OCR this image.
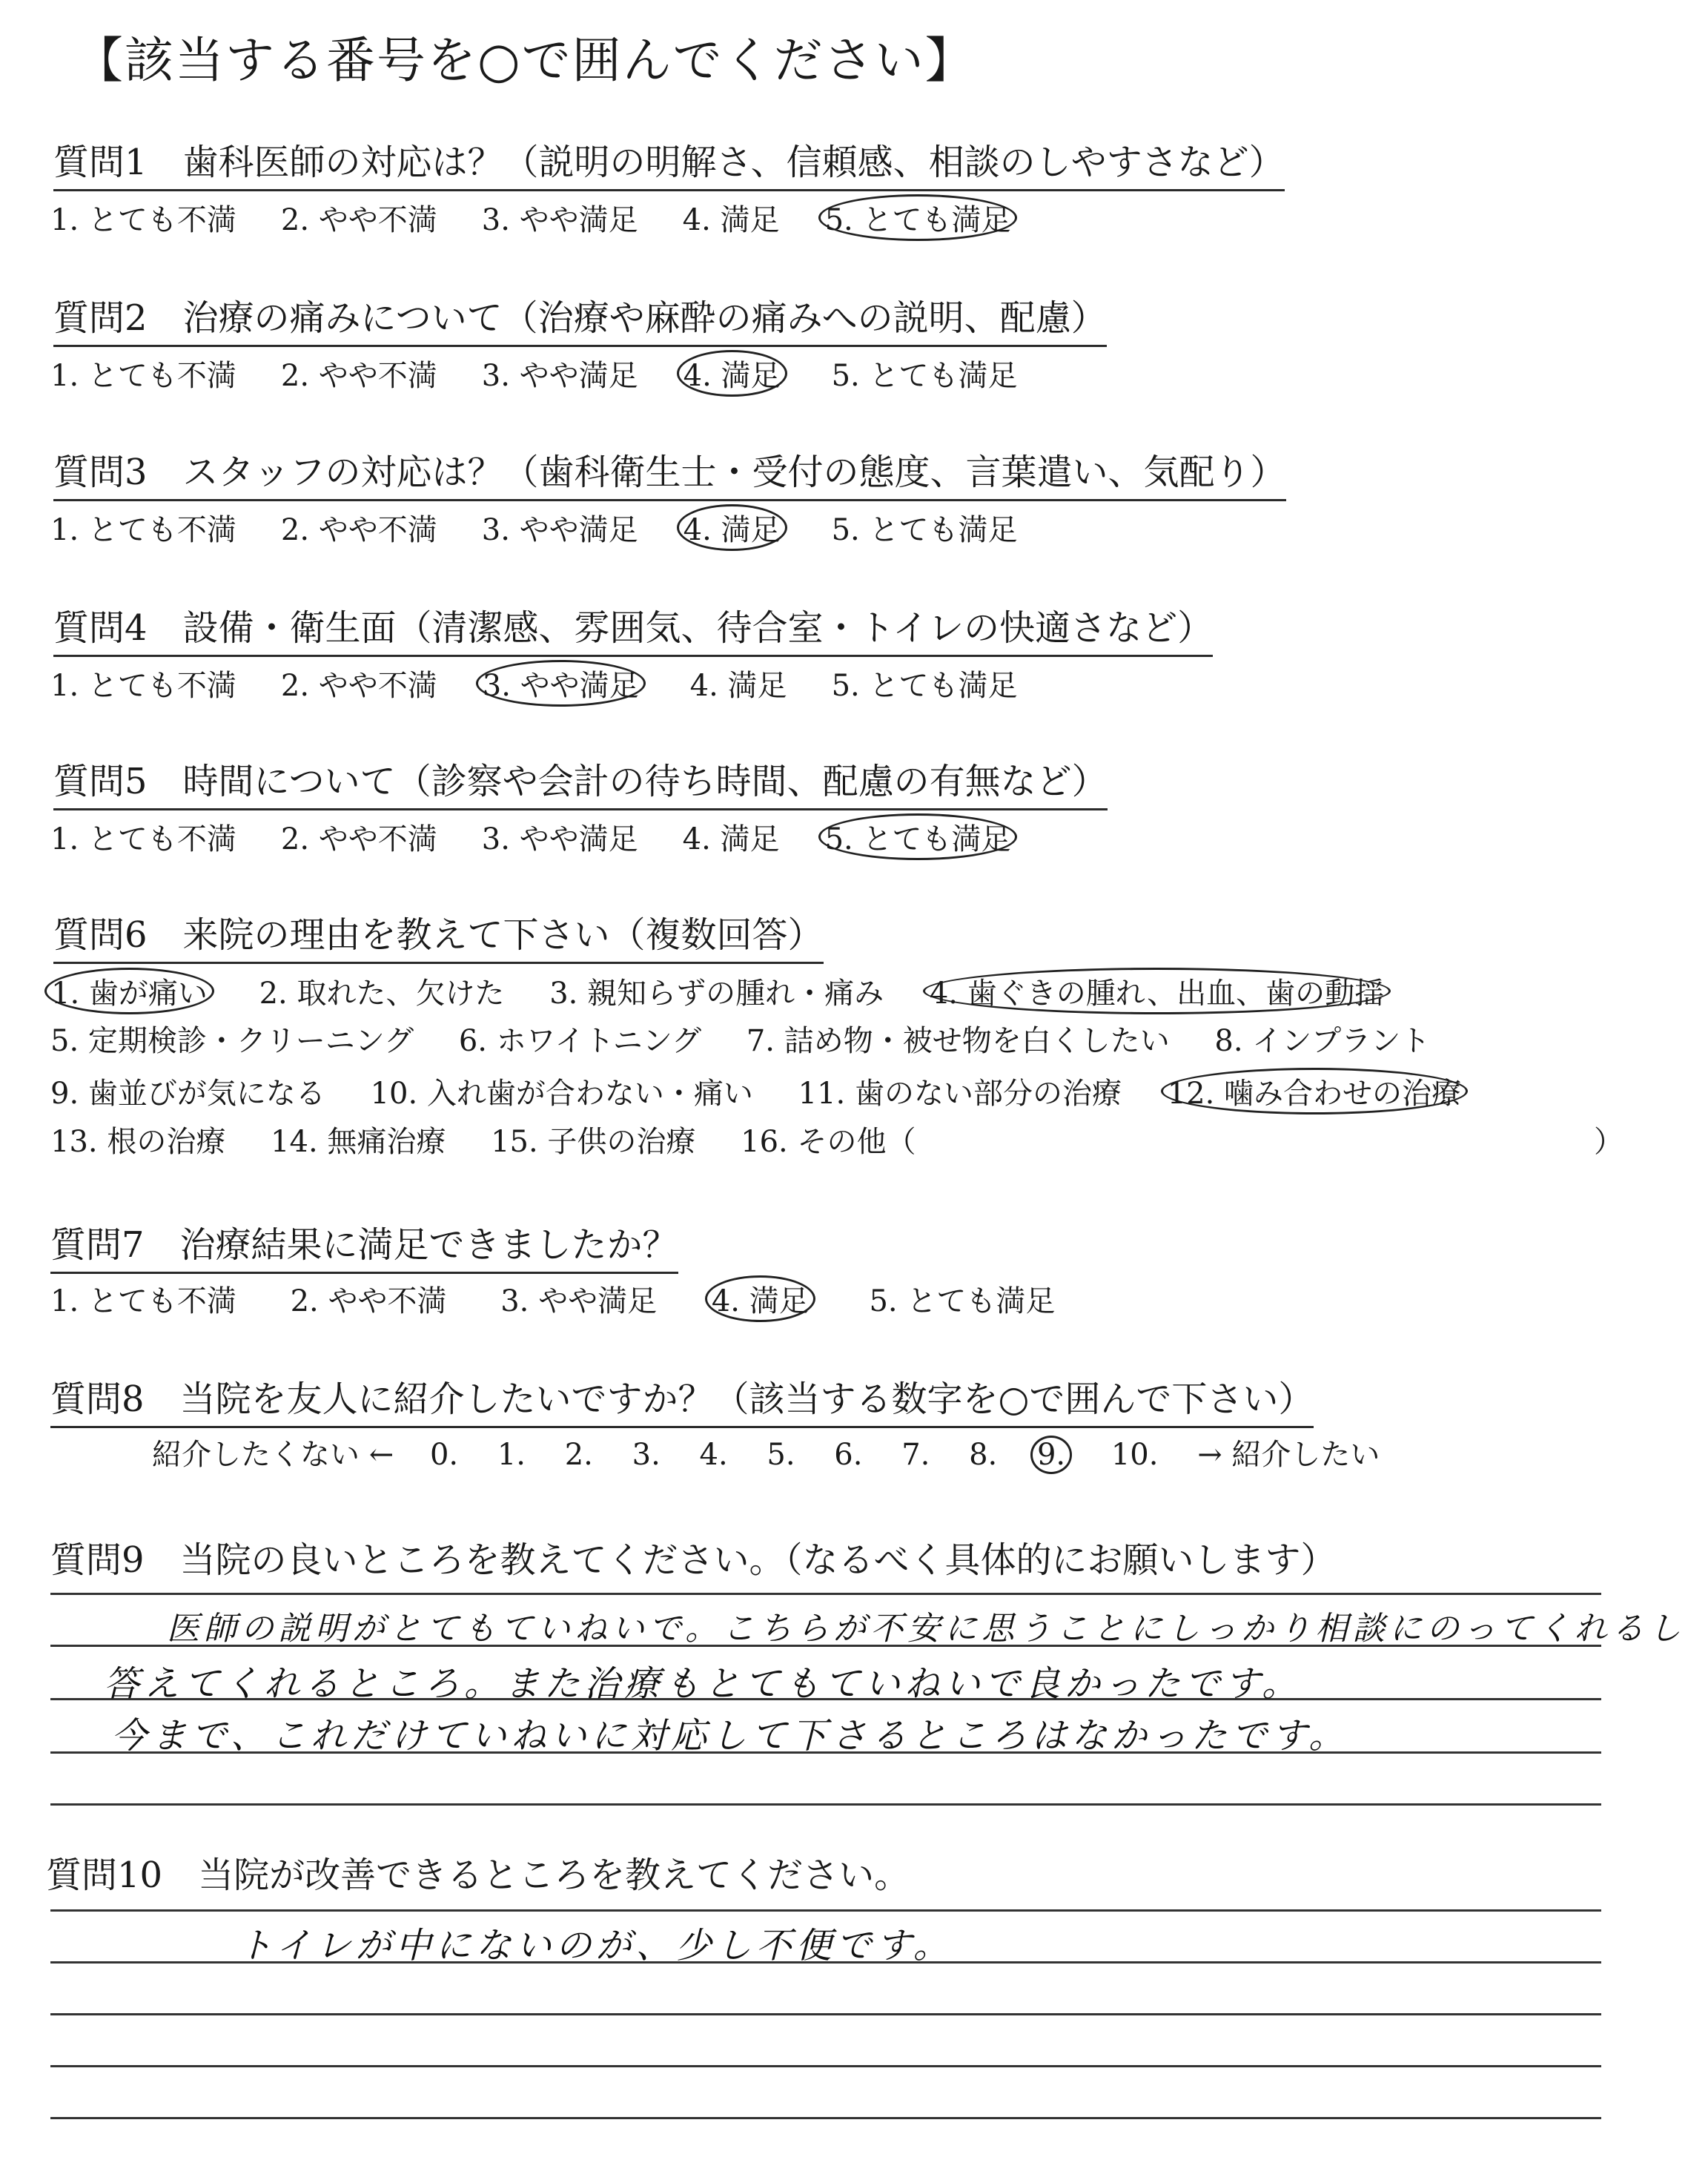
【該当する番号を○で囲んでください】
質問1　歯科医師の対応は？（説明の明解さ、信頼感、相談のしやすさなど）
1. とても不満 2. やや不満 3. やや満足 4. 満足 5. とても満足
質問2　治療の痛みについて（治療や麻酔の痛みへの説明、配慮）
1. とても不満 2. やや不満 3. やや満足 4. 満足 5. とても満足
質問3　スタッフの対応は？（歯科衛生士・受付の態度、言葉遣い、気配り）
1. とても不満 2. やや不満 3. やや満足 4. 満足 5. とても満足
質問4　設備・衛生面（清潔感、雰囲気、待合室・トイレの快適さなど）
1. とても不満 2. やや不満 3. やや満足 4. 満足 5. とても満足
質問5　時間について（診察や会計の待ち時間、配慮の有無など）
1. とても不満 2. やや不満 3. やや満足 4. 満足 5. とても満足
質問6　来院の理由を教えて下さい（複数回答）
1. 歯が痛い 2. 取れた、欠けた 3. 親知らずの腫れ・痛み 4. 歯ぐきの腫れ、出血、歯の動揺
5. 定期検診・クリーニング 6. ホワイトニング 7. 詰め物・被せ物を白くしたい 8. インプラント
9. 歯並びが気になる 10. 入れ歯が合わない・痛い 11. 歯のない部分の治療 12. 噛み合わせの治療
13. 根の治療 14. 無痛治療 15. 子供の治療 16. その他（	）
質問7　治療結果に満足できましたか？
1. とても不満 2. やや不満 3. やや満足 4. 満足 5. とても満足
質問8　当院を友人に紹介したいですか？（該当する数字を○で囲んで下さい）
紹介したくない ← 0. 1. 2. 3. 4. 5. 6. 7. 8. 9. 10. → 紹介したい
質問9　当院の良いところを教えてください。（なるべく具体的にお願いします）
医師の説明がとてもていねいで。こちらが不安に思うことにしっかり相談にのってくれるし
答えてくれるところ。また治療もとてもていねいで良かったです。
今まで、これだけていねいに対応して下さるところはなかったです。
質問10　当院が改善できるところを教えてください。
トイレが中にないのが、少し不便です。
